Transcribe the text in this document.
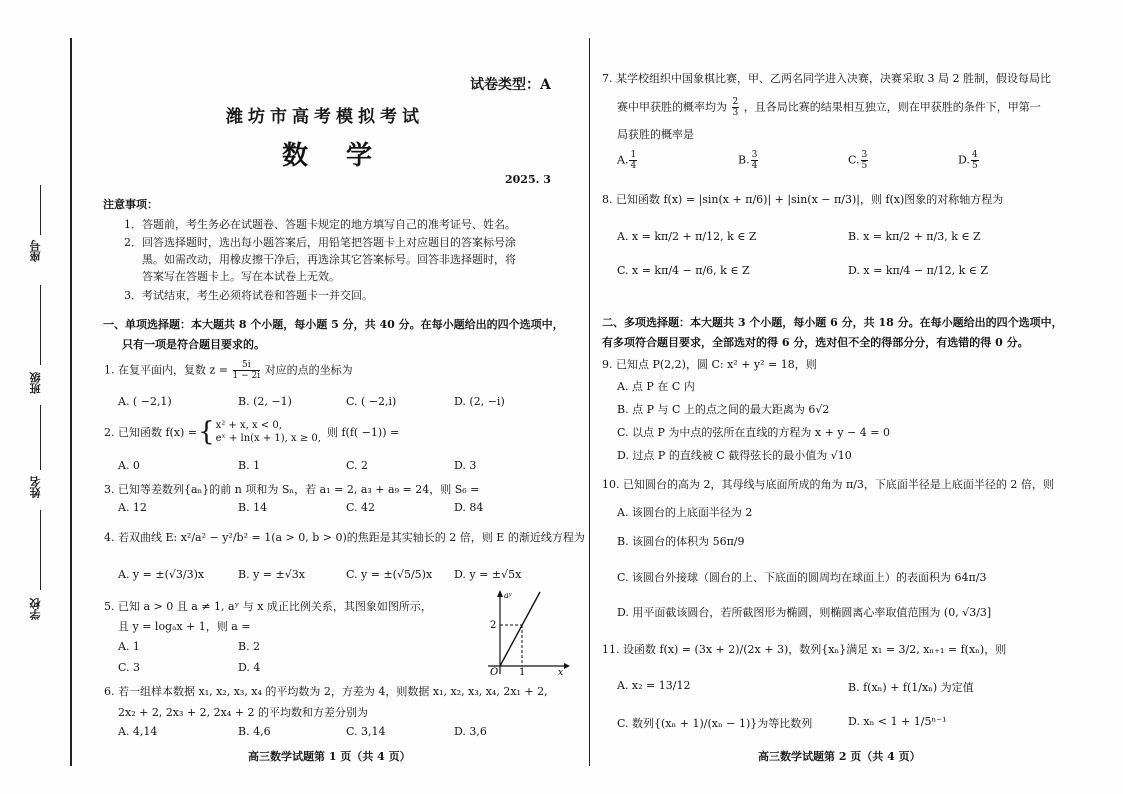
座号
班级
姓名
学校
试卷类型：A
潍坊市高考模拟考试
数　学
2025. 3
注意事项：
1．答题前，考生务必在试题卷、答题卡规定的地方填写自己的准考证号、姓名。
2．回答选择题时，选出每小题答案后，用铅笔把答题卡上对应题目的答案标号涂
黑。如需改动，用橡皮擦干净后，再选涂其它答案标号。回答非选择题时，将
答案写在答题卡上。写在本试卷上无效。
3．考试结束，考生必须将试卷和答题卡一并交回。
一、单项选择题：本大题共 8 个小题，每小题 5 分，共 40 分。在每小题给出的四个选项中，
只有一项是符合题目要求的。
1. 在复平面内，复数 $z = \frac{5i}{1 - 2i}$ 对应的点的坐标为
A. ( −2,1)	B. (2, −1)	C. ( −2,i)	D. (2, −i)
2. 已知函数 f(x) = { x² + x, x < 0,
eˣ + ln(x + 1), x ≥ 0, 则 f(f( −1)) =
A. 0	B. 1	C. 2	D. 3
3. 已知等差数列{aₙ}的前 n 项和为 Sₙ，若 a₁ = 2, a₃ + a₉ = 24，则 S₆ =
A. 12	B. 14	C. 42	D. 84
4. 若双曲线 E: x²/a² − y²/b² = 1(a > 0, b > 0)的焦距是其实轴长的 2 倍，则 E 的渐近线方程为
A. y = ±(√3/3)x	B. y = ±√3x	C. y = ±(√5/5)x D. y = ±√5x
5. 已知 a > 0 且 a ≠ 1, aʸ 与 x 成正比例关系，其图象如图所示，
且 y = logₐx + 1，则 a =
A. 1	B. 2
C. 3	D. 4
aʸ
2
O 1	x
6. 若一组样本数据 x₁, x₂, x₃, x₄ 的平均数为 2，方差为 4，则数据 x₁, x₂, x₃, x₄, 2x₁ + 2,
2x₂ + 2, 2x₃ + 2, 2x₄ + 2 的平均数和方差分别为
A. 4,14	B. 4,6	C. 3,14	D. 3,6
高三数学试题第 1 页（共 4 页）
7. 某学校组织中国象棋比赛，甲、乙两名同学进入决赛，决赛采取 3 局 2 胜制，假设每局比
赛中甲获胜的概率均为 $\frac{2}{3}$ ，且各局比赛的结果相互独立，则在甲获胜的条件下，甲第一
局获胜的概率是
A. $\frac{1}{4}$	B. $\frac{3}{4}$	C. $\frac{3}{5}$	D. $\frac{4}{5}$
8. 已知函数 f(x) = |sin(x + π/6)| + |sin(x − π/3)|，则 f(x)图象的对称轴方程为
A. x = kπ/2 + π/12, k ∈ Z	B. x = kπ/2 + π/3, k ∈ Z
C. x = kπ/4 − π/6, k ∈ Z	D. x = kπ/4 − π/12, k ∈ Z
二、多项选择题：本大题共 3 个小题，每小题 6 分，共 18 分。在每小题给出的四个选项中，
有多项符合题目要求，全部选对的得 6 分，选对但不全的得部分分，有选错的得 0 分。
9. 已知点 P(2,2)，圆 C: x² + y² = 18，则
A. 点 P 在 C 内
B. 点 P 与 C 上的点之间的最大距离为 6√2
C. 以点 P 为中点的弦所在直线的方程为 x + y − 4 = 0
D. 过点 P 的直线被 C 截得弦长的最小值为 √10
10. 已知圆台的高为 2，其母线与底面所成的角为 π/3，下底面半径是上底面半径的 2 倍，则
A. 该圆台的上底面半径为 2
B. 该圆台的体积为 56π/9
C. 该圆台外接球（圆台的上、下底面的圆周均在球面上）的表面积为 64π/3
D. 用平面截该圆台，若所截图形为椭圆，则椭圆离心率取值范围为 (0, √3/3]
11. 设函数 f(x) = (3x + 2)/(2x + 3)，数列{xₙ}满足 x₁ = 3/2, xₙ₊₁ = f(xₙ)，则
A. x₂ = 13/12	B. f(xₙ) + f(1/xₙ) 为定值
C. 数列{(xₙ + 1)/(xₙ − 1)}为等比数列	D. xₙ < 1 + 1/5ⁿ⁻¹
高三数学试题第 2 页（共 4 页）
